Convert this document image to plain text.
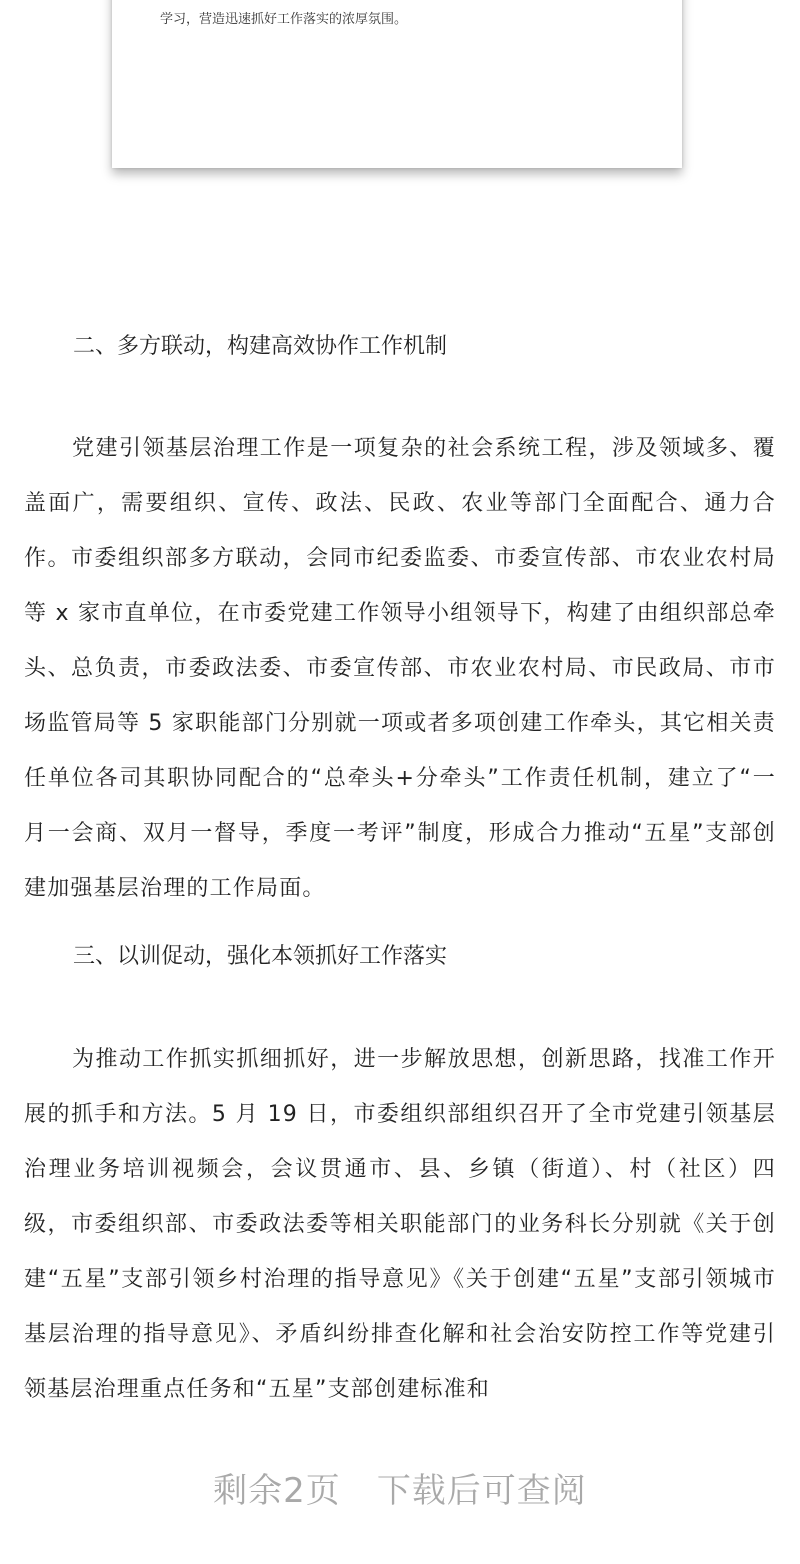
学习，营造迅速抓好工作落实的浓厚氛围。
二、多方联动，构建高效协作工作机制

党建引领基层治理工作是一项复杂的社会系统工程，涉及领域多、覆盖面广，需要组织、宣传、政法、民政、农业等部门全面配合、通力合作。市委组织部多方联动，会同市纪委监委、市委宣传部、市农业农村局等 x 家市直单位，在市委党建工作领导小组领导下，构建了由组织部总牵头、总负责，市委政法委、市委宣传部、市农业农村局、市民政局、市市场监管局等 5 家职能部门分别就一项或者多项创建工作牵头，其它相关责任单位各司其职协同配合的“总牵头+分牵头”工作责任机制，建立了“一月一会商、双月一督导，季度一考评”制度，形成合力推动“五星”支部创建加强基层治理的工作局面。

三、以训促动，强化本领抓好工作落实

为推动工作抓实抓细抓好，进一步解放思想，创新思路，找准工作开展的抓手和方法。5 月 19 日，市委组织部组织召开了全市党建引领基层治理业务培训视频会，会议贯通市、县、乡镇（街道）、村（社区）四级，市委组织部、市委政法委等相关职能部门的业务科长分别就《关于创建“五星”支部引领乡村治理的指导意见》《关于创建“五星”支部引领城市基层治理的指导意见》、矛盾纠纷排查化解和社会治安防控工作等党建引领基层治理重点任务和“五星”支部创建标准和

剩余2页 下载后可查阅
